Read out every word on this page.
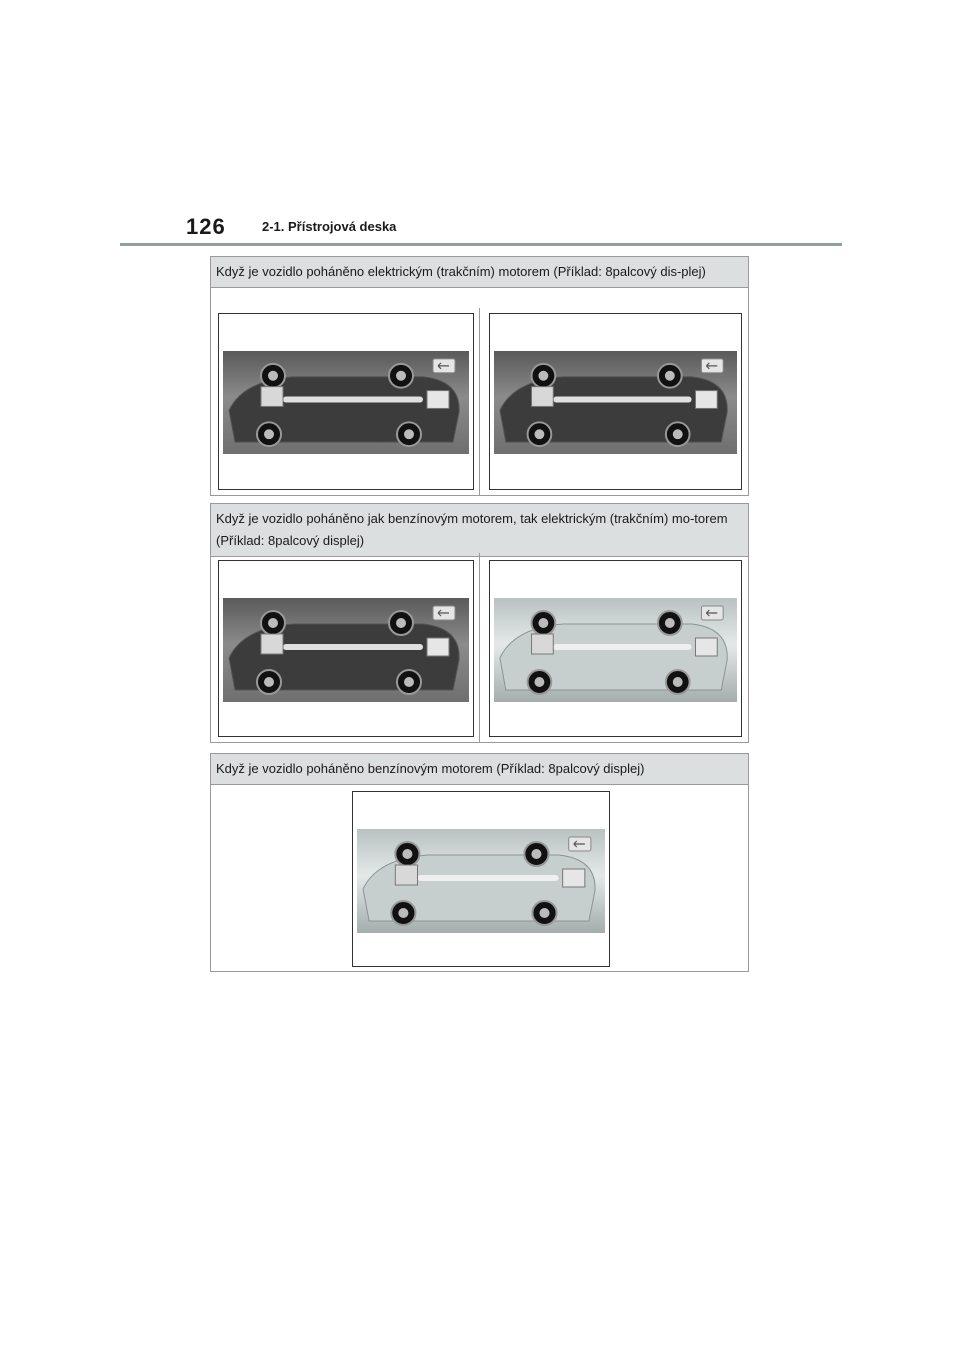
126	2-1. Přístrojová deska
Když je vozidlo poháněno elektrickým (trakčním) motorem (Příklad: 8palcový dis-plej)
Když je vozidlo poháněno jak benzínovým motorem, tak elektrickým (trakčním) mo-torem (Příklad: 8palcový displej)
Když je vozidlo poháněno benzínovým motorem (Příklad: 8palcový displej)
